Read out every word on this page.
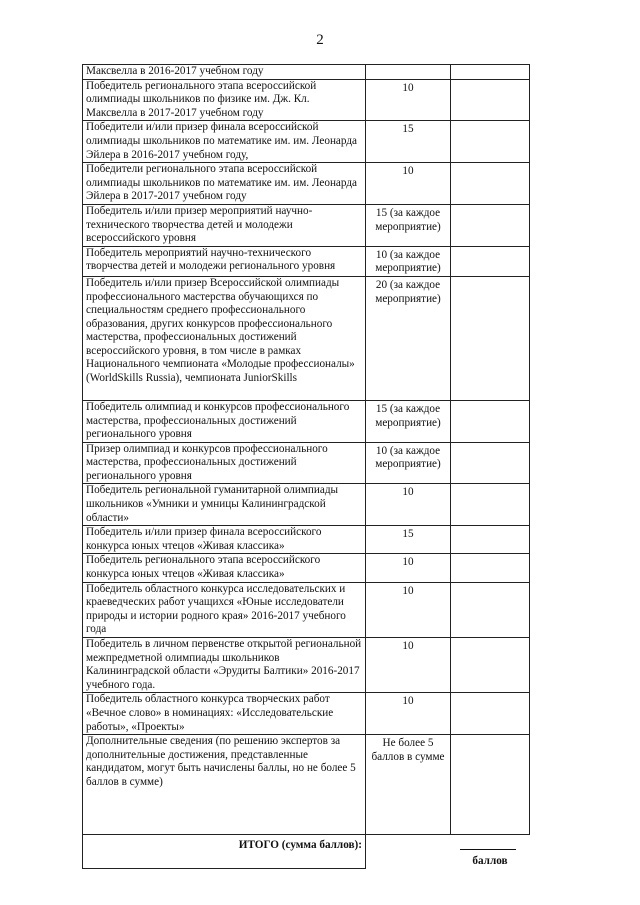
2
Максвелла в 2016-2017 учебном году		
Победитель регионального этапа всероссийской олимпиады школьников по физике им. Дж. Кл. Максвелла в 2017-2017 учебном году	10	
Победители и/или призер финала всероссийской олимпиады школьников по математике им. им. Леонарда Эйлера в 2016-2017 учебном году,	15	
Победители регионального этапа всероссийской олимпиады школьников по математике им. им. Леонарда Эйлера в 2017-2017 учебном году	10	
Победитель и/или призер мероприятий научно-технического творчества детей и молодежи всероссийского уровня	15 (за каждое мероприятие)	
Победитель мероприятий научно-технического творчества детей и молодежи регионального уровня	10 (за каждое мероприятие)	
Победитель и/или призер Всероссийской олимпиады профессионального мастерства обучающихся по специальностям среднего профессионального образования, других конкурсов профессионального мастерства, профессиональных достижений всероссийского уровня, в том числе в рамках Национального чемпионата «Молодые профессионалы» (WorldSkills Russia), чемпионата JuniorSkills	20 (за каждое мероприятие)	
Победитель олимпиад и конкурсов профессионального мастерства, профессиональных достижений регионального уровня	15 (за каждое мероприятие)	
Призер олимпиад и конкурсов профессионального мастерства, профессиональных достижений регионального уровня	10 (за каждое мероприятие)	
Победитель региональной гуманитарной олимпиады школьников «Умники и умницы Калининградской области»	10	
Победитель и/или призер финала всероссийского конкурса юных чтецов «Живая классика»	15	
Победитель регионального этапа всероссийского конкурса юных чтецов «Живая классика»	10	
Победитель областного конкурса исследовательских и краеведческих работ учащихся «Юные исследователи природы и истории родного края» 2016-2017 учебного года	10	
Победитель в личном первенстве открытой региональной межпредметной олимпиады школьников Калининградской области «Эрудиты Балтики» 2016-2017 учебного года.	10	
Победитель областного конкурса творческих работ «Вечное слово» в номинациях: «Исследовательские работы», «Проекты»	10	
Дополнительные сведения (по решению экспертов за дополнительные достижения, представленные кандидатом, могут быть начислены баллы, но не более 5 баллов в сумме)	Не более 5 баллов в сумме	
ИТОГО (сумма баллов):		баллов
